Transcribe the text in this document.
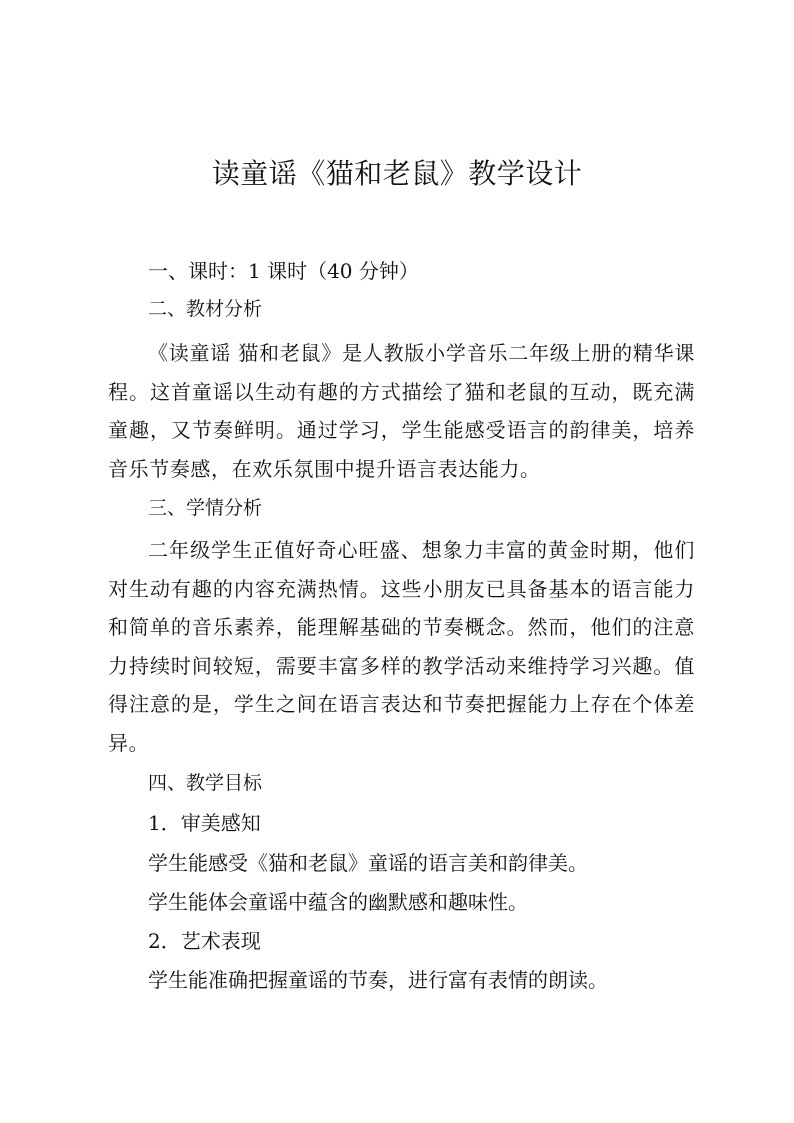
读童谣《猫和老鼠》教学设计
一、课时：1 课时（40 分钟）
二、教材分析

《读童谣 猫和老鼠》是人教版小学音乐二年级上册的精华课程。这首童谣以生动有趣的方式描绘了猫和老鼠的互动，既充满童趣，又节奏鲜明。通过学习，学生能感受语言的韵律美，培养音乐节奏感，在欢乐氛围中提升语言表达能力。

三、学情分析

二年级学生正值好奇心旺盛、想象力丰富的黄金时期，他们对生动有趣的内容充满热情。这些小朋友已具备基本的语言能力和简单的音乐素养，能理解基础的节奏概念。然而，他们的注意力持续时间较短，需要丰富多样的教学活动来维持学习兴趣。值得注意的是，学生之间在语言表达和节奏把握能力上存在个体差异。

四、教学目标
1．审美感知
学生能感受《猫和老鼠》童谣的语言美和韵律美。
学生能体会童谣中蕴含的幽默感和趣味性。
2．艺术表现
学生能准确把握童谣的节奏，进行富有表情的朗读。
